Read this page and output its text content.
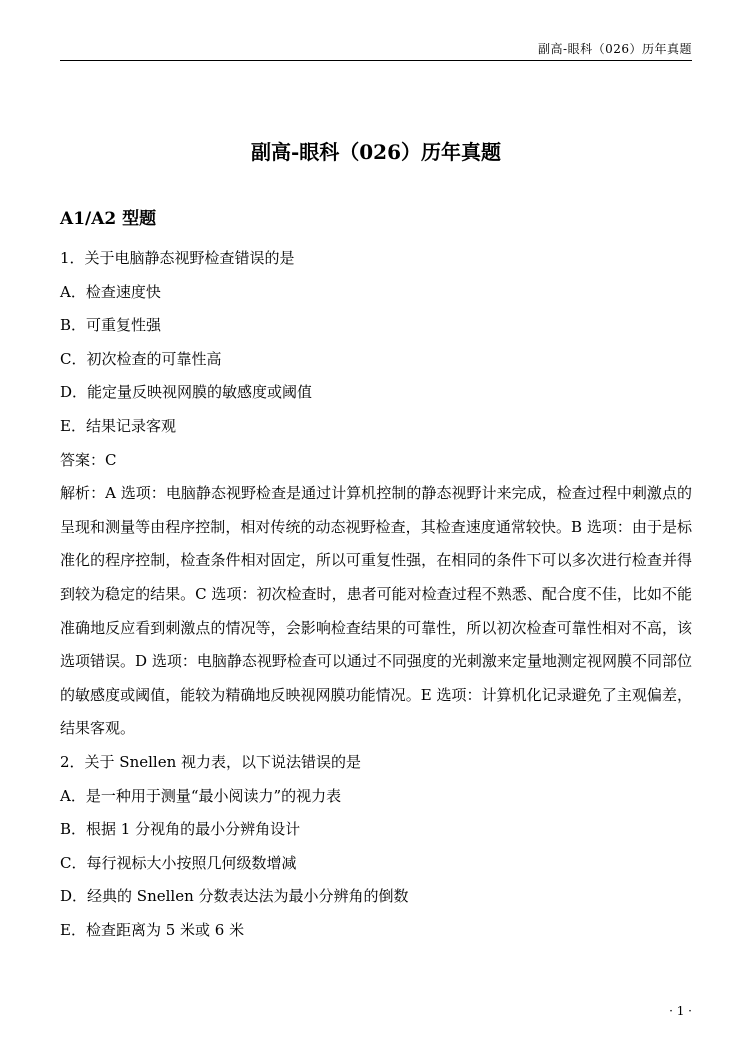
副高-眼科（026）历年真题
副高-眼科（026）历年真题
A1/A2 型题

1．关于电脑静态视野检查错误的是

A．检查速度快

B．可重复性强

C．初次检查的可靠性高

D．能定量反映视网膜的敏感度或阈值

E．结果记录客观

答案：C

解析：A 选项：电脑静态视野检查是通过计算机控制的静态视野计来完成，检查过程中刺激点的呈现和测量等由程序控制，相对传统的动态视野检查，其检查速度通常较快。B 选项：由于是标准化的程序控制，检查条件相对固定，所以可重复性强，在相同的条件下可以多次进行检查并得到较为稳定的结果。C 选项：初次检查时，患者可能对检查过程不熟悉、配合度不佳，比如不能准确地反应看到刺激点的情况等，会影响检查结果的可靠性，所以初次检查可靠性相对不高，该选项错误。D 选项：电脑静态视野检查可以通过不同强度的光刺激来定量地测定视网膜不同部位的敏感度或阈值，能较为精确地反映视网膜功能情况。E 选项：计算机化记录避免了主观偏差，结果客观。

2．关于 Snellen 视力表，以下说法错误的是

A．是一种用于测量“最小阅读力”的视力表

B．根据 1 分视角的最小分辨角设计

C．每行视标大小按照几何级数增减

D．经典的 Snellen 分数表达法为最小分辨角的倒数

E．检查距离为 5 米或 6 米

· 1 ·
